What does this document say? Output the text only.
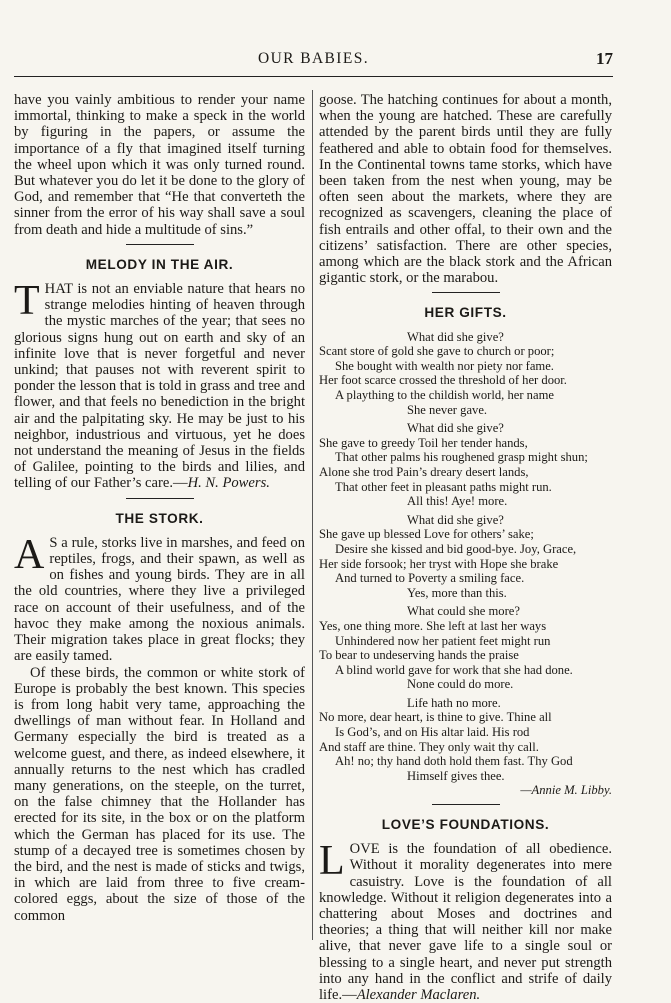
OUR BABIES.	17

have you vainly ambitious to render your name immortal, thinking to make a speck in the world by figuring in the papers, or assume the importance of a fly that imagined itself turning the wheel upon which it was only turned round. But whatever you do let it be done to the glory of God, and remember that “He that converteth the sinner from the error of his way shall save a soul from death and hide a multitude of sins.”

MELODY IN THE AIR.

THAT is not an enviable nature that hears no strange melodies hinting of heaven through the mystic marches of the year; that sees no glorious signs hung out on earth and sky of an infinite love that is never forgetful and never unkind; that pauses not with reverent spirit to ponder the lesson that is told in grass and tree and flower, and that feels no benediction in the bright air and the palpitating sky. He may be just to his neighbor, industrious and virtuous, yet he does not understand the meaning of Jesus in the fields of Galilee, pointing to the birds and lilies, and telling of our Father’s care.—H. N. Powers.

THE STORK.

A S a rule, storks live in marshes, and feed on reptiles, frogs, and their spawn, as well as on fishes and young birds. They are in all the old countries, where they live a privileged race on account of their usefulness, and of the havoc they make among the noxious animals. Their migration takes place in great flocks; they are easily tamed.

Of these birds, the common or white stork of Europe is probably the best known. This species is from long habit very tame, approaching the dwellings of man without fear. In Holland and Germany especially the bird is treated as a welcome guest, and there, as indeed elsewhere, it annually returns to the nest which has cradled many generations, on the steeple, on the turret, on the false chimney that the Hollander has erected for its site, in the box or on the platform which the German has placed for its use. The stump of a decayed tree is sometimes chosen by the bird, and the nest is made of sticks and twigs, in which are laid from three to five cream-colored eggs, about the size of those of the common

goose. The hatching continues for about a month, when the young are hatched. These are carefully attended by the parent birds until they are fully feathered and able to obtain food for themselves. In the Continental towns tame storks, which have been taken from the nest when young, may be often seen about the markets, where they are recognized as scavengers, cleaning the place of fish entrails and other offal, to their own and the citizens’ satisfaction. There are other species, among which are the black stork and the African gigantic stork, or the marabou.

HER GIFTS.
What did she give?
Scant store of gold she gave to church or poor;
She bought with wealth nor piety nor fame.
Her foot scarce crossed the threshold of her door.
A plaything to the childish world, her name
She never gave.
What did she give?
She gave to greedy Toil her tender hands,
That other palms his roughened grasp might shun;
Alone she trod Pain’s dreary desert lands,
That other feet in pleasant paths might run.
All this! Aye! more.
What did she give?
She gave up blessed Love for others’ sake;
Desire she kissed and bid good-bye. Joy, Grace,
Her side forsook; her tryst with Hope she brake
And turned to Poverty a smiling face.
Yes, more than this.
What could she more?
Yes, one thing more. She left at last her ways
Unhindered now her patient feet might run
To bear to undeserving hands the praise
A blind world gave for work that she had done.
None could do more.
Life hath no more.
No more, dear heart, is thine to give. Thine all
Is God’s, and on His altar laid. His rod
And staff are thine. They only wait thy call.
Ah! no; thy hand doth hold them fast. Thy God
Himself gives thee.
—Annie M. Libby.
LOVE’S FOUNDATIONS.

LOVE is the foundation of all obedience. Without it morality degenerates into mere casuistry. Love is the foundation of all knowledge. Without it religion degenerates into a chattering about Moses and doctrines and theories; a thing that will neither kill nor make alive, that never gave life to a single soul or blessing to a single heart, and never put strength into any hand in the conflict and strife of daily life.—Alexander Maclaren.
